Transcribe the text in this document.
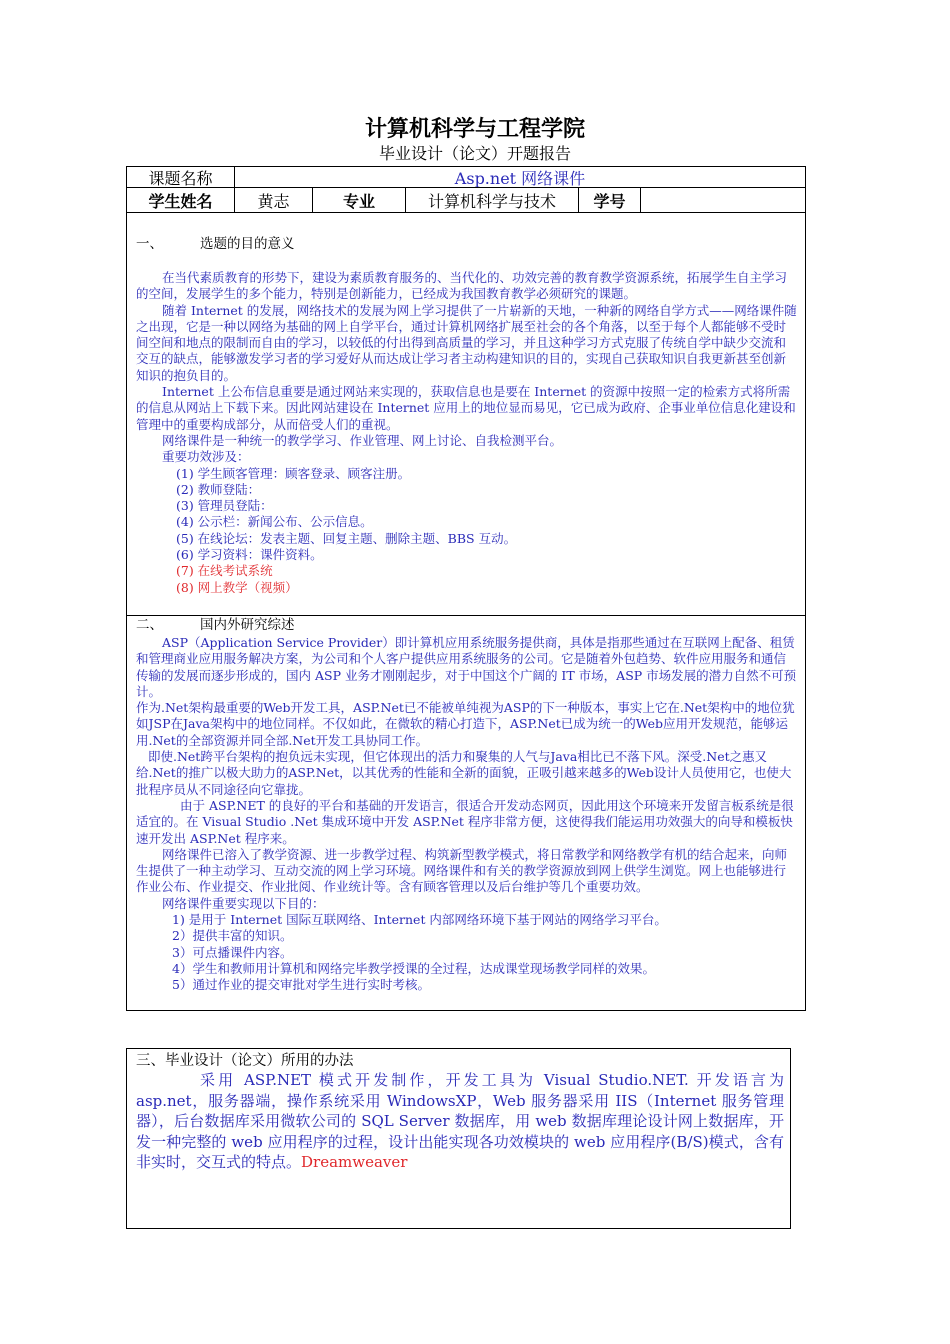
计算机科学与工程学院
毕业设计（论文）开题报告
课题名称	Asp.net 网络课件
学生姓名	黄志	专业	计算机科学与技术	学号
一、	选题的目的意义

在当代素质教育的形势下，建设为素质教育服务的、当代化的、功效完善的教育教学资源系统，拓展学生自主学习的空间，发展学生的多个能力，特别是创新能力，已经成为我国教育教学必须研究的课题。

随着 Internet 的发展，网络技术的发展为网上学习提供了一片崭新的天地，一种新的网络自学方式——网络课件随之出现，它是一种以网络为基础的网上自学平台，通过计算机网络扩展至社会的各个角落，以至于每个人都能够不受时间空间和地点的限制而自由的学习，以较低的付出得到高质量的学习，并且这种学习方式克服了传统自学中缺少交流和交互的缺点，能够激发学习者的学习爱好从而达成让学习者主动构建知识的目的，实现自己获取知识自我更新甚至创新知识的抱负目的。

Internet 上公布信息重要是通过网站来实现的，获取信息也是要在 Internet 的资源中按照一定的检索方式将所需的信息从网站上下载下来。因此网站建设在 Internet 应用上的地位显而易见，它已成为政府、企事业单位信息化建设和管理中的重要构成部分，从而倍受人们的重视。

网络课件是一种统一的教学学习、作业管理、网上讨论、自我检测平台。

重要功效涉及：

(1) 学生顾客管理：顾客登录、顾客注册。

(2) 教师登陆：

(3) 管理员登陆：

(4) 公示栏：新闻公布、公示信息。

(5) 在线论坛：发表主题、回复主题、删除主题、BBS 互动。

(6) 学习资料：课件资料。

(7) 在线考试系统

(8) 网上教学（视频）

二、	国内外研究综述

ASP（Application Service Provider）即计算机应用系统服务提供商，具体是指那些通过在互联网上配备、租赁和管理商业应用服务解决方案，为公司和个人客户提供应用系统服务的公司。它是随着外包趋势、软件应用服务和通信传输的发展而逐步形成的，国内 ASP 业务才刚刚起步，对于中国这个广阔的 IT 市场，ASP 市场发展的潜力自然不可预计。

作为.Net架构最重要的Web开发工具，ASP.Net已不能被单纯视为ASP的下一种版本，事实上它在.Net架构中的地位犹如JSP在Java架构中的地位同样。不仅如此，在微软的精心打造下，ASP.Net已成为统一的Web应用开发规范，能够运用.Net的全部资源并同全部.Net开发工具协同工作。

即使.Net跨平台架构的抱负远未实现，但它体现出的活力和聚集的人气与Java相比已不落下风。深受.Net之惠又给.Net的推广以极大助力的ASP.Net，以其优秀的性能和全新的面貌，正吸引越来越多的Web设计人员使用它，也使大批程序员从不同途径向它靠拢。

由于 ASP.NET 的良好的平台和基础的开发语言，很适合开发动态网页，因此用这个环境来开发留言板系统是很适宜的。在 Visual Studio .Net 集成环境中开发 ASP.Net 程序非常方便，这使得我们能运用功效强大的向导和模板快速开发出 ASP.Net 程序来。

网络课件已溶入了教学资源、进一步教学过程、构筑新型教学模式，将日常教学和网络教学有机的结合起来，向师生提供了一种主动学习、互动交流的网上学习环境。网络课件和有关的教学资源放到网上供学生浏览。网上也能够进行作业公布、作业提交、作业批阅、作业统计等。含有顾客管理以及后台维护等几个重要功效。

网络课件重要实现以下目的：

1) 是用于 Internet 国际互联网络、Internet 内部网络环境下基于网站的网络学习平台。

2）提供丰富的知识。

3）可点播课件内容。

4）学生和教师用计算机和网络完毕教学授课的全过程，达成课堂现场教学同样的效果。

5）通过作业的提交审批对学生进行实时考核。

三、毕业设计（论文）所用的办法
采用 ASP.NET 模式开发制作，开发工具为 Visual Studio.NET. 开发语言为 asp.net，服务器端，操作系统采用 WindowsXP，Web 服务器采用 IIS（Internet 服务管理器），后台数据库采用微软公司的 SQL Server 数据库，用 web 数据库理论设计网上数据库，开发一种完整的 web 应用程序的过程，设计出能实现各功效模块的 web 应用程序(B/S)模式，含有非实时，交互式的特点。Dreamweaver
